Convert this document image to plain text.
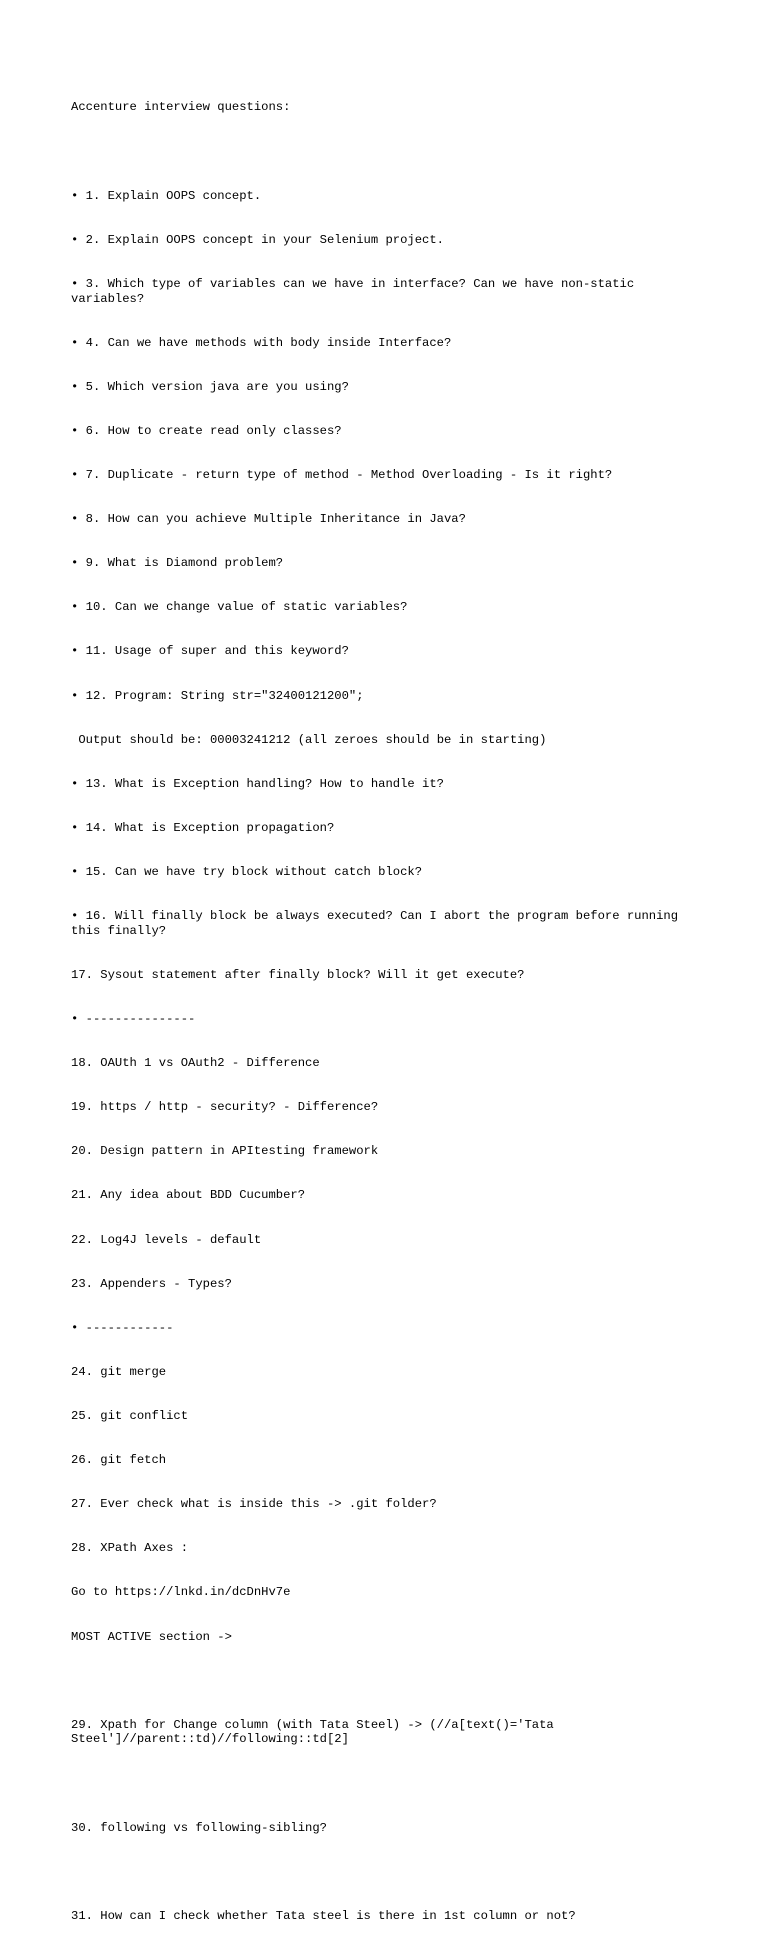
Accenture interview questions:

• 1. Explain OOPS concept.

• 2. Explain OOPS concept in your Selenium project.

• 3. Which type of variables can we have in interface? Can we have non-static variables?

• 4. Can we have methods with body inside Interface?

• 5. Which version java are you using?

• 6. How to create read only classes?

• 7. Duplicate - return type of method - Method Overloading - Is it right?

• 8. How can you achieve Multiple Inheritance in Java?

• 9. What is Diamond problem?

• 10. Can we change value of static variables?

• 11. Usage of super and this keyword?

• 12. Program: String str="32400121200";

Output should be: 00003241212 (all zeroes should be in starting)

• 13. What is Exception handling? How to handle it?

• 14. What is Exception propagation?

• 15. Can we have try block without catch block?

• 16. Will finally block be always executed? Can I abort the program before running this finally?

17. Sysout statement after finally block? Will it get execute?

• ---------------

18. OAUth 1 vs OAuth2 - Difference

19. https / http - security? - Difference?

20. Design pattern in APItesting framework

21. Any idea about BDD Cucumber?

22. Log4J levels - default

23. Appenders - Types?

• ------------

24. git merge

25. git conflict

26. git fetch

27. Ever check what is inside this -> .git folder?

28. XPath Axes :

Go to https://lnkd.in/dcDnHv7e

MOST ACTIVE section ->

29. Xpath for Change column (with Tata Steel) -> (//a[text()='Tata Steel']//parent::td)//following::td[2]

30. following vs following-sibling?

31. How can I check whether Tata steel is there in 1st column or not?
